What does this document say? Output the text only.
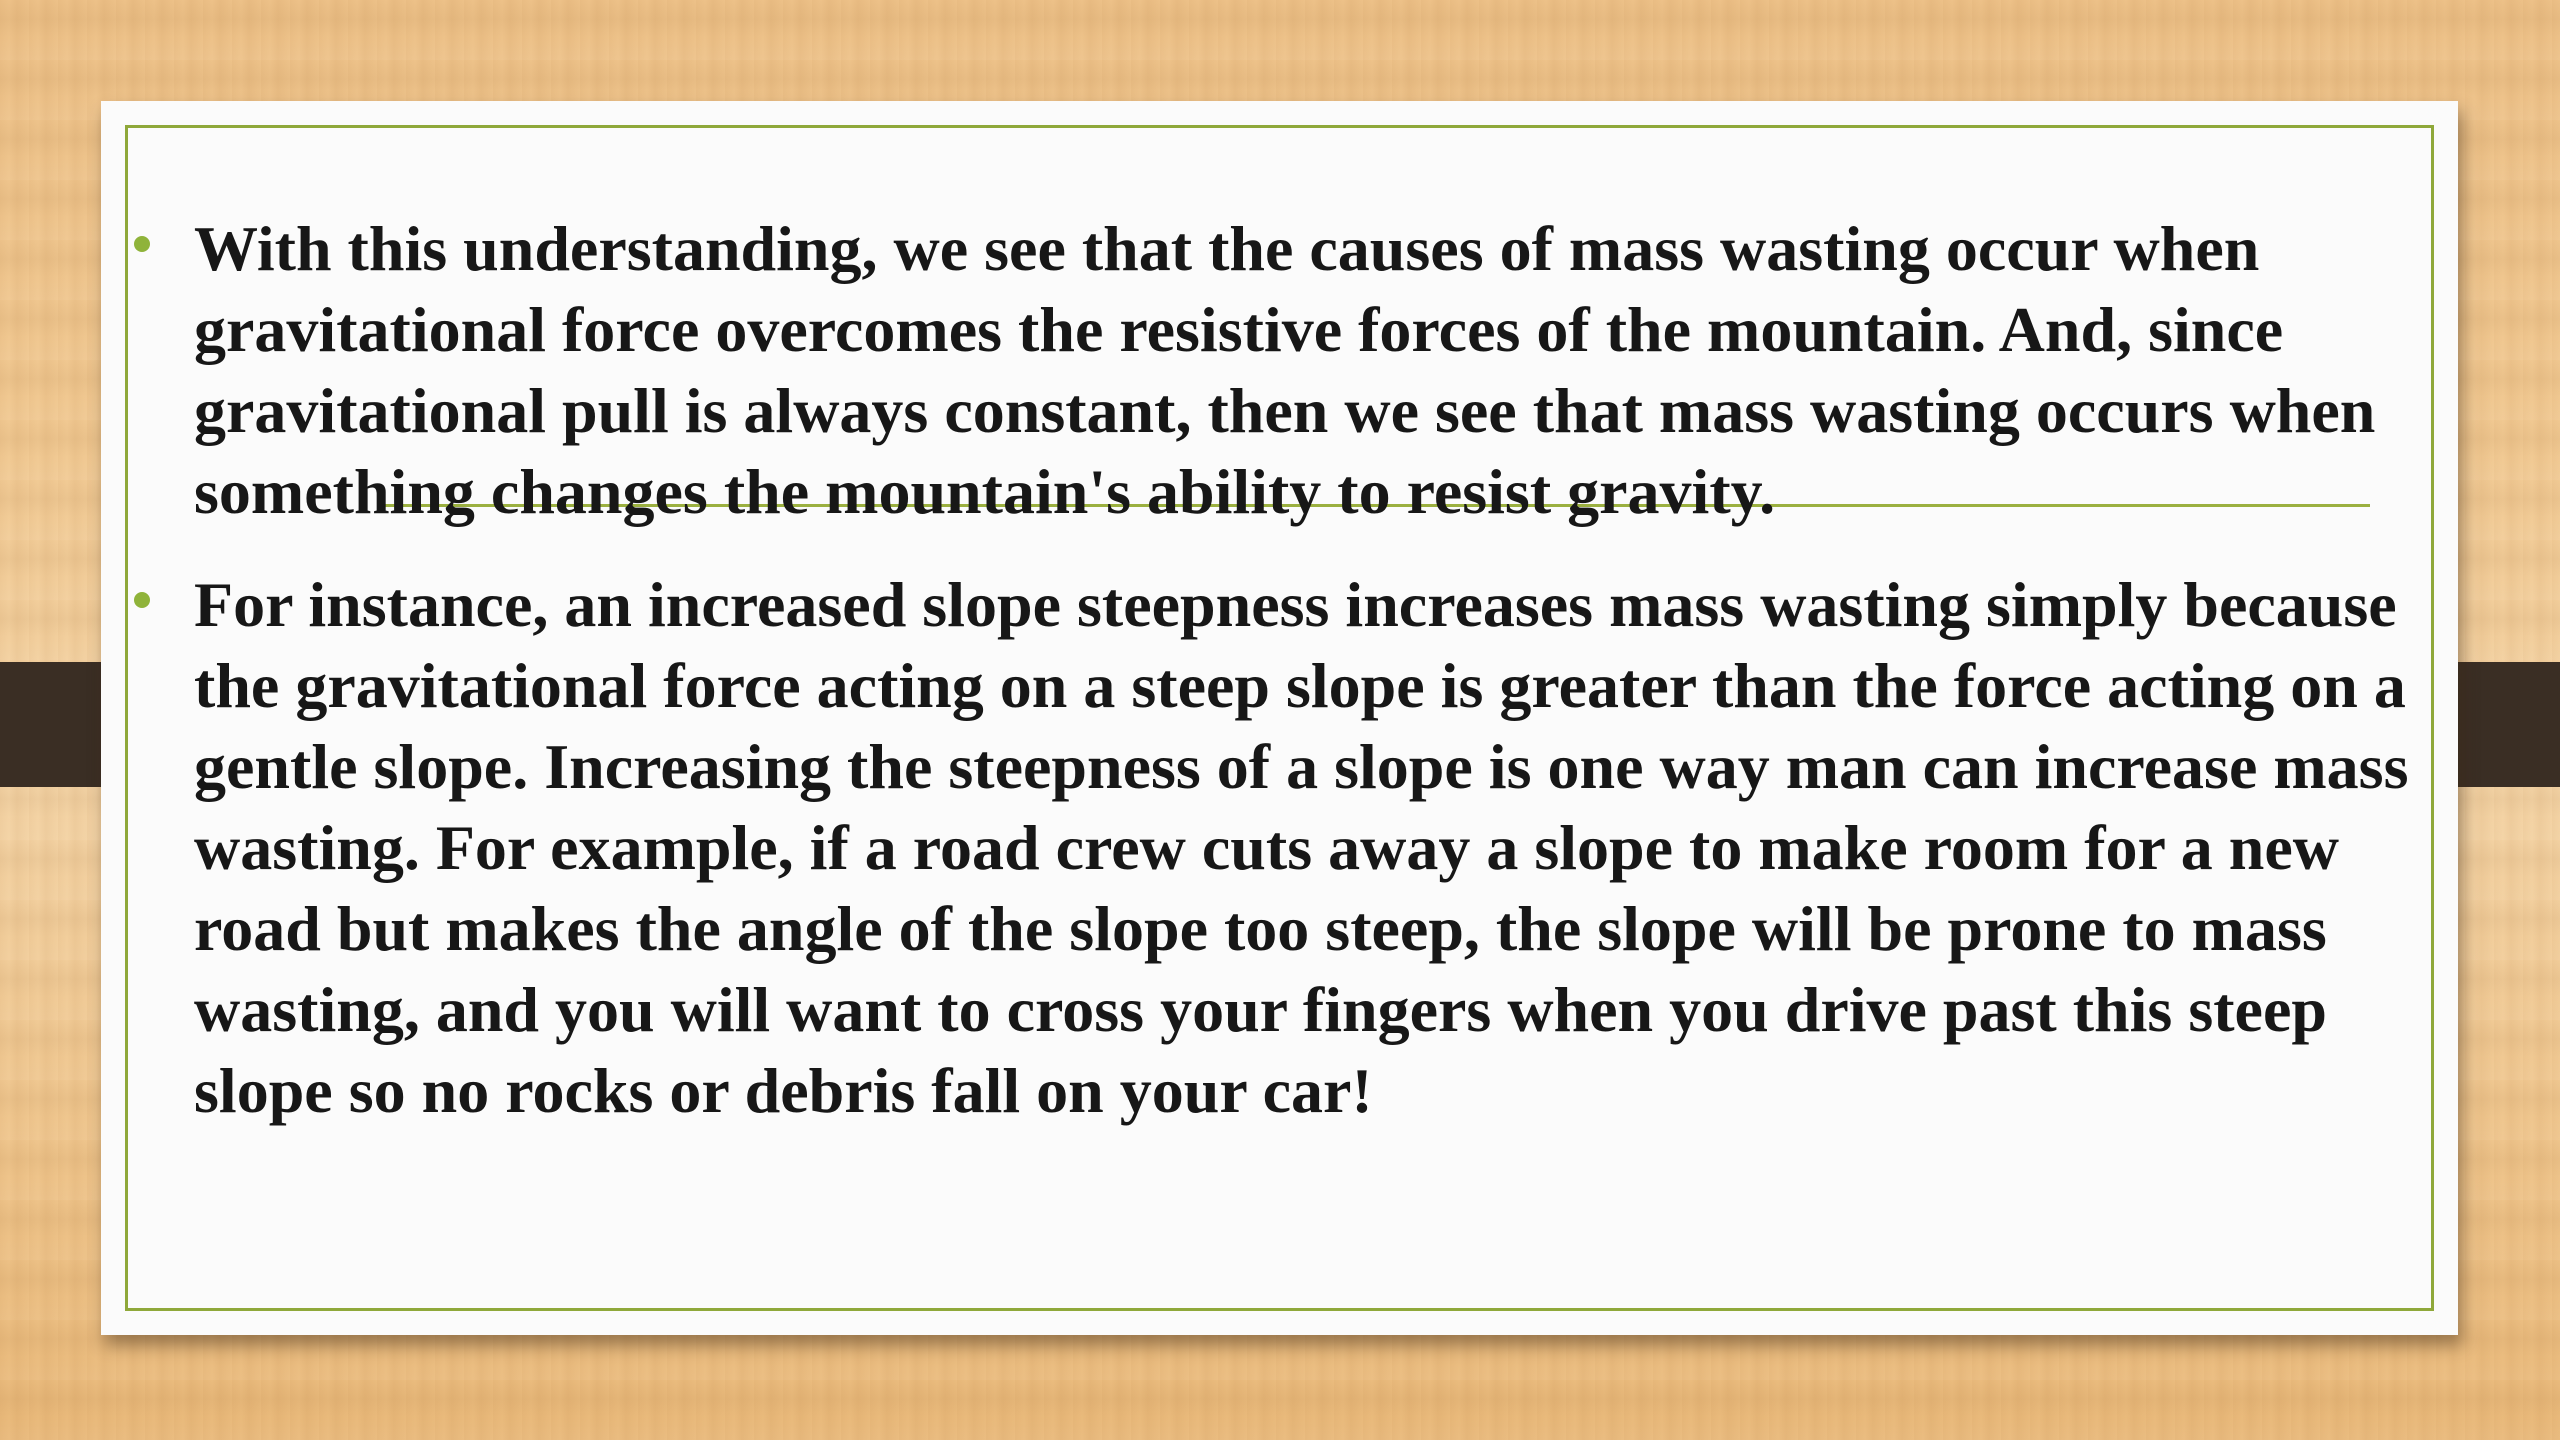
With this understanding, we see that the causes of mass wasting occur when gravitational force overcomes the resistive forces of the mountain. And, since gravitational pull is always constant, then we see that mass wasting occurs when something changes the mountain's ability to resist gravity.
For instance, an increased slope steepness increases mass wasting simply because the gravitational force acting on a steep slope is greater than the force acting on a gentle slope. Increasing the steepness of a slope is one way man can increase mass wasting. For example, if a road crew cuts away a slope to make room for a new road but makes the angle of the slope too steep, the slope will be prone to mass wasting, and you will want to cross your fingers when you drive past this steep slope so no rocks or debris fall on your car!
